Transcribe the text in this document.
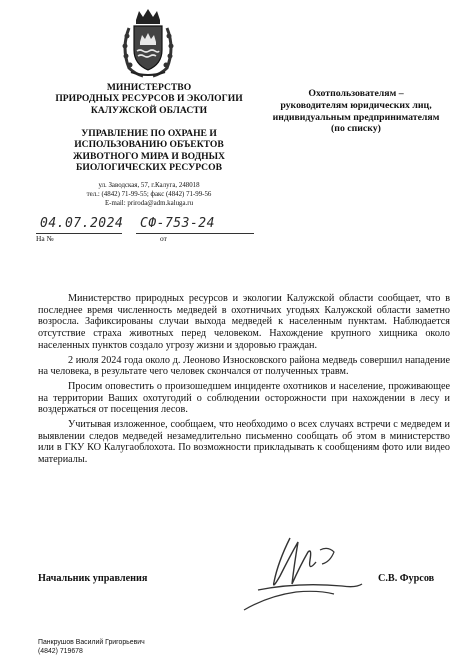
МИНИСТЕРСТВО
ПРИРОДНЫХ РЕСУРСОВ И ЭКОЛОГИИ
КАЛУЖСКОЙ ОБЛАСТИ
УПРАВЛЕНИЕ ПО ОХРАНЕ И
ИСПОЛЬЗОВАНИЮ ОБЪЕКТОВ
ЖИВОТНОГО МИРА И ВОДНЫХ
БИОЛОГИЧЕСКИХ РЕСУРСОВ
ул. Заводская, 57, г.Калуга, 248018
тел.: (4842) 71-99-55; факс (4842) 71-99-56
E-mail: priroda@adm.kaluga.ru
Охотпользователям –
руководителям юридических лиц,
индивидуальным предпринимателям
(по списку)
04.07.2024 СФ-753-24
На №	от

Министерство природных ресурсов и экологии Калужской области сообщает, что в последнее время численность медведей в охотничьих угодьях Калужской области заметно возросла. Зафиксированы случаи выхода медведей к населенным пунктам. Наблюдается отсутствие страха животных перед человеком. Нахождение крупного хищника около населенных пунктов создало угрозу жизни и здоровью граждан.

2 июля 2024 года около д. Леоново Износковского района медведь совершил нападение на человека, в результате чего человек скончался от полученных травм.

Просим оповестить о произошедшем инциденте охотников и население, проживающее на территории Ваших охотугодий о соблюдении осторожности при нахождении в лесу и воздержаться от посещения лесов.

Учитывая изложенное, сообщаем, что необходимо о всех случаях встречи с медведем и выявлении следов медведей незамедлительно письменно сообщать об этом в министерство или в ГКУ КО Калугаоблохота. По возможности прикладывать к сообщениям фото или видео материалы.

Начальник управления	С.В. Фурсов
Панкрушов Василий Григорьевич
(4842) 719678
